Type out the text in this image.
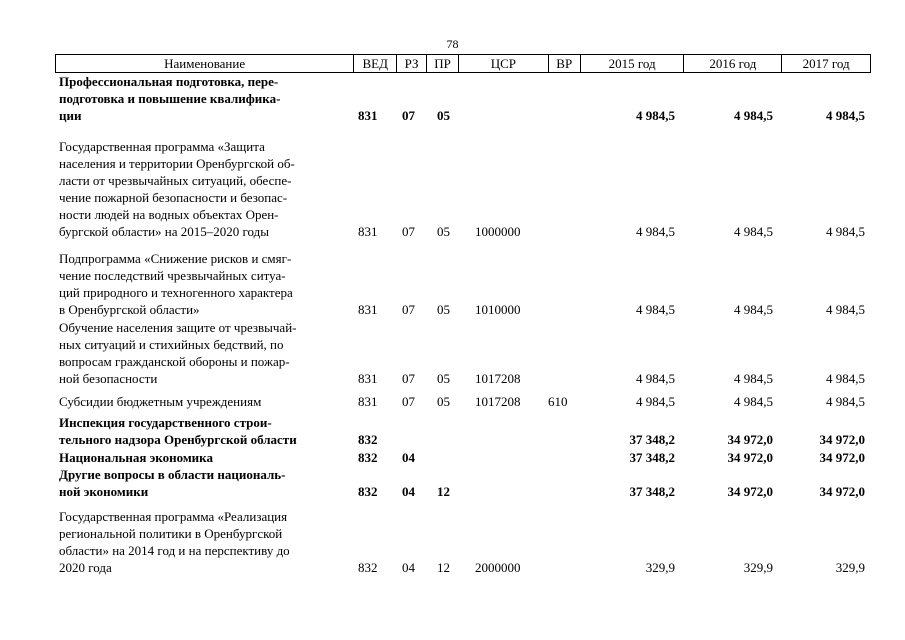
78
Наименование	ВЕД	РЗ	ПР	ЦСР	ВР	2015 год	2016 год	2017 год
Профессиональная подготовка, пере-
подготовка и повышение квалифика-
ции	831 07 05	4 984,5	4 984,5	4 984,5
Государственная программа «Защита
населения и территории Оренбургской об-
ласти от чрезвычайных ситуаций, обеспе-
чение пожарной безопасности и безопас-
ности людей на водных объектах Орен-
бургской области» на 2015–2020 годы	831 07 05 1000000	4 984,5	4 984,5	4 984,5
Подпрограмма «Снижение рисков и смяг-
чение последствий чрезвычайных ситуа-
ций природного и техногенного характера
в Оренбургской области»	831 07 05 1010000	4 984,5	4 984,5	4 984,5
Обучение населения защите от чрезвычай-
ных ситуаций и стихийных бедствий, по
вопросам гражданской обороны и пожар-
ной безопасности	831 07 05 1017208	4 984,5	4 984,5	4 984,5
Субсидии бюджетным учреждениям	831 07 05 1017208 610	4 984,5	4 984,5	4 984,5
Инспекция государственного строи-
тельного надзора Оренбургской области	832	37 348,2	34 972,0	34 972,0
Национальная экономика	832 04	37 348,2	34 972,0	34 972,0
Другие вопросы в области националь-
ной экономики	832 04 12	37 348,2	34 972,0	34 972,0
Государственная программа «Реализация
региональной политики в Оренбургской
области» на 2014 год и на перспективу до
2020 года	832 04 12 2000000	329,9	329,9	329,9
